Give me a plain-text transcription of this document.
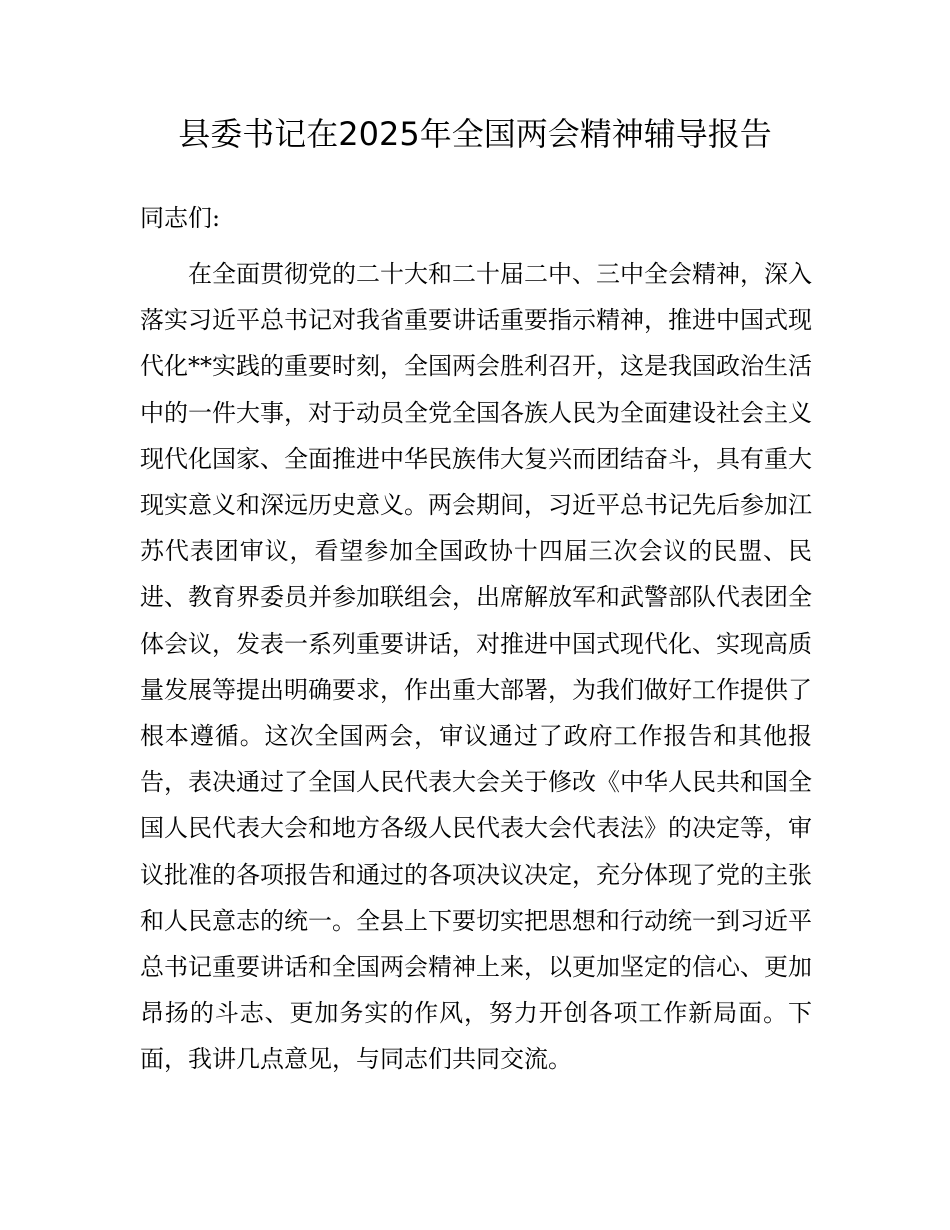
县委书记在2025年全国两会精神辅导报告

同志们:

在全面贯彻党的二十大和二十届二中、三中全会精神，深入落实习近平总书记对我省重要讲话重要指示精神，推进中国式现代化**实践的重要时刻，全国两会胜利召开，这是我国政治生活中的一件大事，对于动员全党全国各族人民为全面建设社会主义现代化国家、全面推进中华民族伟大复兴而团结奋斗，具有重大现实意义和深远历史意义。两会期间，习近平总书记先后参加江苏代表团审议，看望参加全国政协十四届三次会议的民盟、民进、教育界委员并参加联组会，出席解放军和武警部队代表团全体会议，发表一系列重要讲话，对推进中国式现代化、实现高质量发展等提出明确要求，作出重大部署，为我们做好工作提供了根本遵循。这次全国两会，审议通过了政府工作报告和其他报告，表决通过了全国人民代表大会关于修改《中华人民共和国全国人民代表大会和地方各级人民代表大会代表法》的决定等，审议批准的各项报告和通过的各项决议决定，充分体现了党的主张和人民意志的统一。全县上下要切实把思想和行动统一到习近平总书记重要讲话和全国两会精神上来，以更加坚定的信心、更加昂扬的斗志、更加务实的作风，努力开创各项工作新局面。下面，我讲几点意见，与同志们共同交流。
